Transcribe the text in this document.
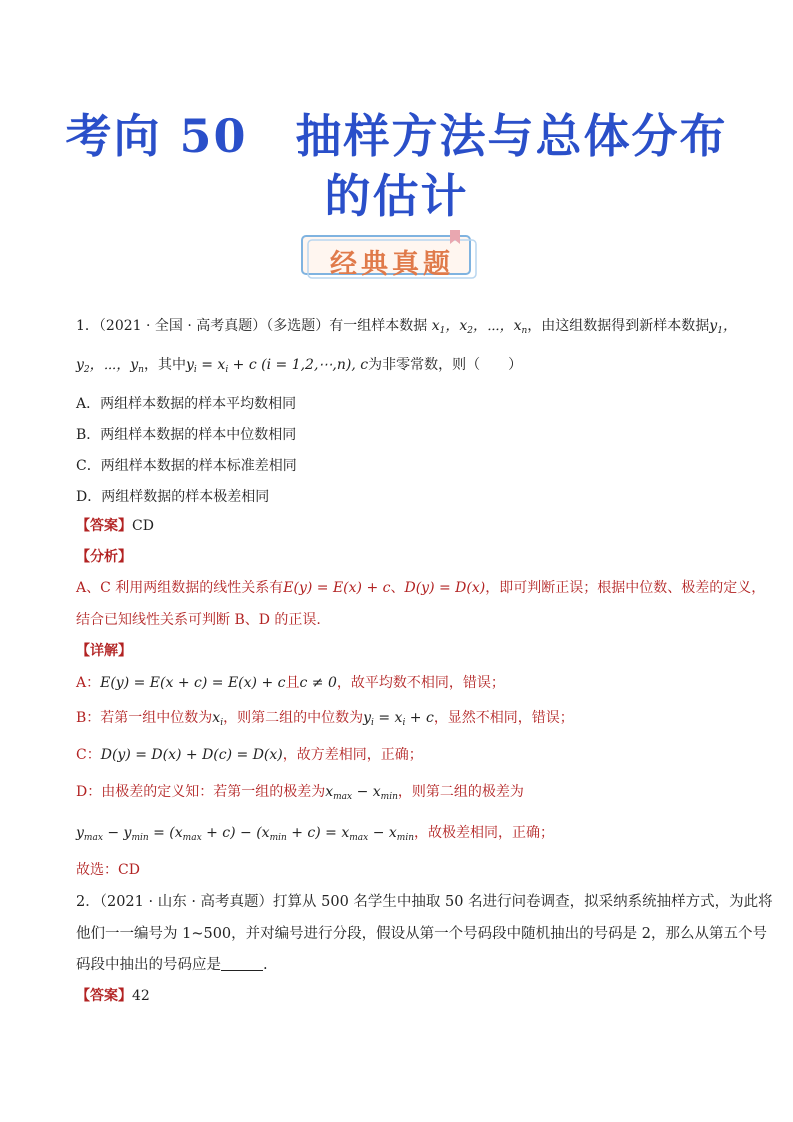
考向 50　抽样方法与总体分布
的估计
经典真题
1．（2021 · 全国 · 高考真题）（多选题）有一组样本数据 $x_1$，$x_2$，⋯，$x_n$，由这组数据得到新样本数据$y_1$，
$y_2$，⋯，$y_n$，其中$y_i = x_i + c$ (i = 1,2,⋯,n), c为非零常数，则（　　）
A．两组样本数据的样本平均数相同
B．两组样本数据的样本中位数相同
C．两组样本数据的样本标准差相同
D．两组样数据的样本极差相同
【答案】CD
【分析】
A、C 利用两组数据的线性关系有E(y) = E(x) + c、D(y) = D(x)，即可判断正误；根据中位数、极差的定义，
结合已知线性关系可判断 B、D 的正误.
【详解】
A：E(y) = E(x + c) = E(x) + c且c ≠ 0，故平均数不相同，错误；
B：若第一组中位数为$x_i$，则第二组的中位数为$y_i = x_i + c$，显然不相同，错误；
C：D(y) = D(x) + D(c) = D(x)，故方差相同，正确；
D：由极差的定义知：若第一组的极差为$x_{max} - x_{min}$，则第二组的极差为
$y_{max} - y_{min} = (x_{max} + c) - (x_{min} + c) = x_{max} - x_{min}$，故极差相同，正确；
故选：CD
2．（2021 · 山东 · 高考真题）打算从 500 名学生中抽取 50 名进行问卷调查，拟采纳系统抽样方式，为此将
他们一一编号为 1~500，并对编号进行分段，假设从第一个号码段中随机抽出的号码是 2，那么从第五个号
码段中抽出的号码应是	.
【答案】42
